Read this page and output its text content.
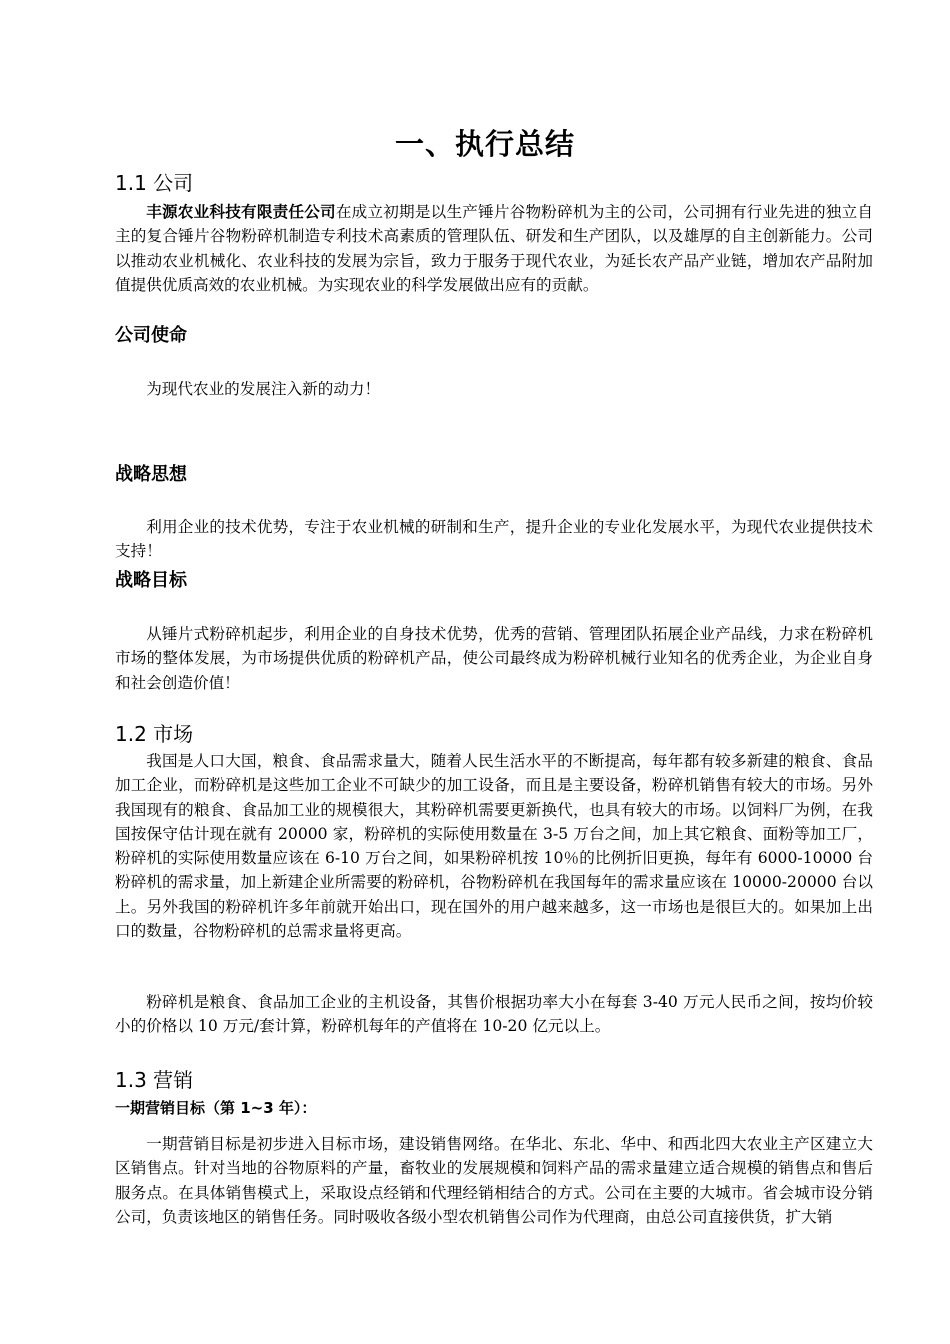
一、执行总结
1.1 公司

丰源农业科技有限责任公司在成立初期是以生产锤片谷物粉碎机为主的公司，公司拥有行业先进的独立自主的复合锤片谷物粉碎机制造专利技术高素质的管理队伍、研发和生产团队，以及雄厚的自主创新能力。公司以推动农业机械化、农业科技的发展为宗旨，致力于服务于现代农业，为延长农产品产业链，增加农产品附加值提供优质高效的农业机械。为实现农业的科学发展做出应有的贡献。

公司使命

为现代农业的发展注入新的动力！

战略思想

利用企业的技术优势，专注于农业机械的研制和生产，提升企业的专业化发展水平，为现代农业提供技术支持！

战略目标

从锤片式粉碎机起步，利用企业的自身技术优势，优秀的营销、管理团队拓展企业产品线，力求在粉碎机市场的整体发展，为市场提供优质的粉碎机产品，使公司最终成为粉碎机械行业知名的优秀企业，为企业自身和社会创造价值！

1.2 市场

我国是人口大国，粮食、食品需求量大，随着人民生活水平的不断提高，每年都有较多新建的粮食、食品加工企业，而粉碎机是这些加工企业不可缺少的加工设备，而且是主要设备，粉碎机销售有较大的市场。另外我国现有的粮食、食品加工业的规模很大，其粉碎机需要更新换代，也具有较大的市场。以饲料厂为例，在我国按保守估计现在就有 20000 家，粉碎机的实际使用数量在 3-5 万台之间，加上其它粮食、面粉等加工厂，粉碎机的实际使用数量应该在 6-10 万台之间，如果粉碎机按 10％的比例折旧更换，每年有 6000-10000 台粉碎机的需求量，加上新建企业所需要的粉碎机，谷物粉碎机在我国每年的需求量应该在 10000-20000 台以上。另外我国的粉碎机许多年前就开始出口，现在国外的用户越来越多，这一市场也是很巨大的。如果加上出口的数量，谷物粉碎机的总需求量将更高。

粉碎机是粮食、食品加工企业的主机设备，其售价根据功率大小在每套 3-40 万元人民币之间，按均价较小的价格以 10 万元/套计算，粉碎机每年的产值将在 10-20 亿元以上。

1.3 营销
一期营销目标（第 1~3 年）：

一期营销目标是初步进入目标市场，建设销售网络。在华北、东北、华中、和西北四大农业主产区建立大区销售点。针对当地的谷物原料的产量，畜牧业的发展规模和饲料产品的需求量建立适合规模的销售点和售后服务点。在具体销售模式上，采取设点经销和代理经销相结合的方式。公司在主要的大城市。省会城市设分销公司，负责该地区的销售任务。同时吸收各级小型农机销售公司作为代理商，由总公司直接供货，扩大销
